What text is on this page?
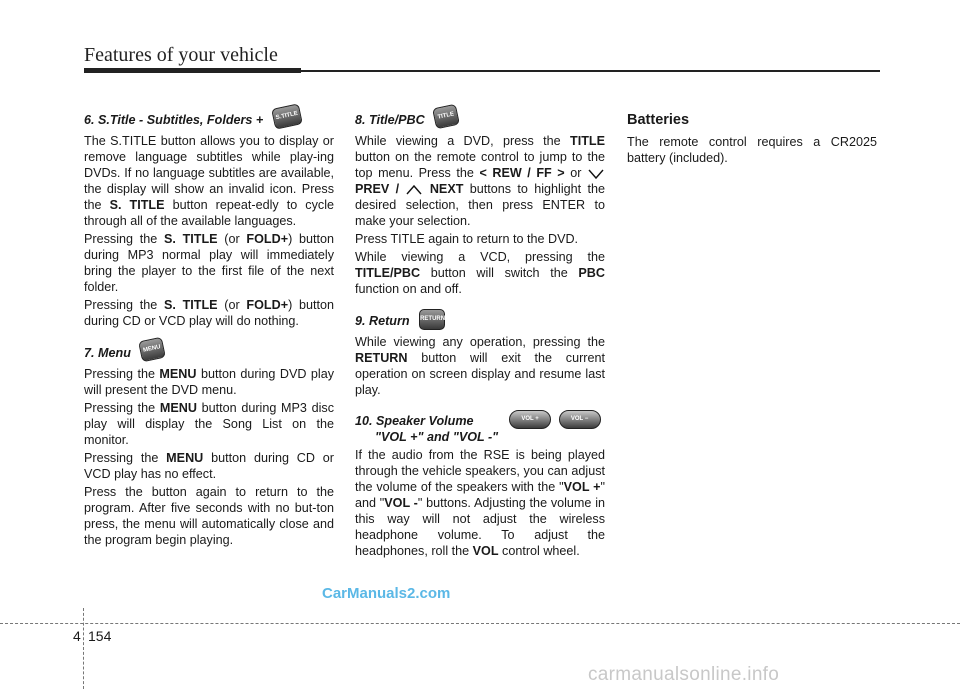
Features of your vehicle
6. S.Title - Subtitles, Folders + S.TITLE

The S.TITLE button allows you to display or remove language subtitles while play-ing DVDs. If no language subtitles are available, the display will show an invalid icon. Press the S. TITLE button repeat-edly to cycle through all of the available languages.

Pressing the S. TITLE (or FOLD+) button during MP3 normal play will immediately bring the player to the first file of the next folder.

Pressing the S. TITLE (or FOLD+) button during CD or VCD play will do nothing.

7. Menu MENU

Pressing the MENU button during DVD play will present the DVD menu.

Pressing the MENU button during MP3 disc play will display the Song List on the monitor.

Pressing the MENU button during CD or VCD play has no effect.

Press the button again to return to the program. After five seconds with no but-ton press, the menu will automatically close and the program begin playing.

8. Title/PBC TITLE

While viewing a DVD, press the TITLE button on the remote control to jump to the top menu. Press the < REW / FF > or  PREV /  NEXT buttons to highlight the desired selection, then press ENTER to make your selection.

Press TITLE again to return to the DVD.

While viewing a VCD, pressing the TITLE/PBC button will switch the PBC function on and off.

9. Return RETURN

While viewing any operation, pressing the RETURN button will exit the current operation on screen display and resume last play.

10. Speaker Volume	VOL +	VOL −
"VOL +" and "VOL -"

If the audio from the RSE is being played through the vehicle speakers, you can adjust the volume of the speakers with the "VOL +" and "VOL -" buttons. Adjusting the volume in this way will not adjust the wireless headphone volume. To adjust the headphones, roll the VOL control wheel.

Batteries

The remote control requires a CR2025 battery (included).

4 154
CarManuals2.com
carmanualsonline.info
